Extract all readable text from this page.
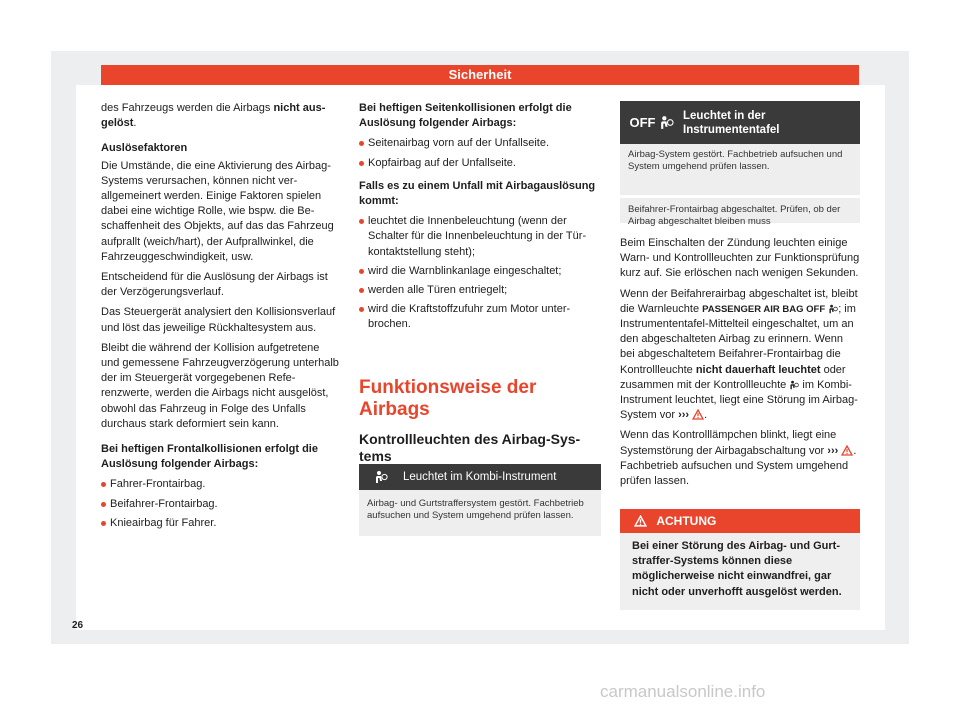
Sicherheit

des Fahrzeugs werden die Airbags nicht ausgelöst.

Auslösefaktoren

Die Umstände, die eine Aktivierung des Airbag-Systems verursachen, können nicht verallgemeinert werden. Einige Faktoren spielen dabei eine wichtige Rolle, wie bspw. die Beschaffenheit des Objekts, auf das das Fahrzeug aufprallt (weich/hart), der Aufprallwinkel, die Fahrzeuggeschwindigkeit, usw.

Entscheidend für die Auslösung der Airbags ist der Verzögerungsverlauf.

Das Steuergerät analysiert den Kollisionsverlauf und löst das jeweilige Rückhaltesystem aus.

Bleibt die während der Kollision aufgetretene und gemessene Fahrzeugverzögerung unterhalb der im Steuergerät vorgegebenen Referenzwerte, werden die Airbags nicht ausgelöst, obwohl das Fahrzeug in Folge des Unfalls durchaus stark deformiert sein kann.

Bei heftigen Frontalkollisionen erfolgt die Auslösung folgender Airbags:

Fahrer-Frontairbag.
Beifahrer-Frontairbag.
Knieairbag für Fahrer.

Bei heftigen Seitenkollisionen erfolgt die Auslösung folgender Airbags:

Seitenairbag vorn auf der Unfallseite.
Kopfairbag auf der Unfallseite.

Falls es zu einem Unfall mit Airbagauslösung kommt:

leuchtet die Innenbeleuchtung (wenn der Schalter für die Innenbeleuchtung in der Türkontaktstellung steht);
wird die Warnblinkanlage eingeschaltet;
werden alle Türen entriegelt;
wird die Kraftstoffzufuhr zum Motor unterbrochen.
Funktionsweise der Airbags
Kontrollleuchten des Airbag-Systems
Leuchtet im Kombi-Instrument
Airbag- und Gurtstraffersystem gestört. Fachbetrieb aufsuchen und System umgehend prüfen lassen.
OFF Leuchtet in der Instrumententafel
Airbag-System gestört. Fachbetrieb aufsuchen und System umgehend prüfen lassen.
Beifahrer-Frontairbag abgeschaltet. Prüfen, ob der Airbag abgeschaltet bleiben muss

Beim Einschalten der Zündung leuchten einige Warn- und Kontrollleuchten zur Funktionsprüfung kurz auf. Sie erlöschen nach wenigen Sekunden.

Wenn der Beifahrerairbag abgeschaltet ist, bleibt die Warnleuchte PASSENGER AIR BAG OFF ; im Instrumententafel-Mittelteil eingeschaltet, um an den abgeschalteten Airbag zu erinnern. Wenn bei abgeschaltetem Beifahrer-Frontairbag die Kontrollleuchte nicht dauerhaft leuchtet oder zusammen mit der Kontrollleuchte  im Kombi-Instrument leuchtet, liegt eine Störung im Airbag-System vor ››› .

Wenn das Kontrolllämpchen blinkt, liegt eine Systemstörung der Airbagabschaltung vor ››› . Fachbetrieb aufsuchen und System umgehend prüfen lassen.

ACHTUNG
Bei einer Störung des Airbag- und Gurtstraffer-Systems können diese möglicherweise nicht einwandfrei, gar nicht oder unverhofft ausgelöst werden.
26
carmanualsonline.info
